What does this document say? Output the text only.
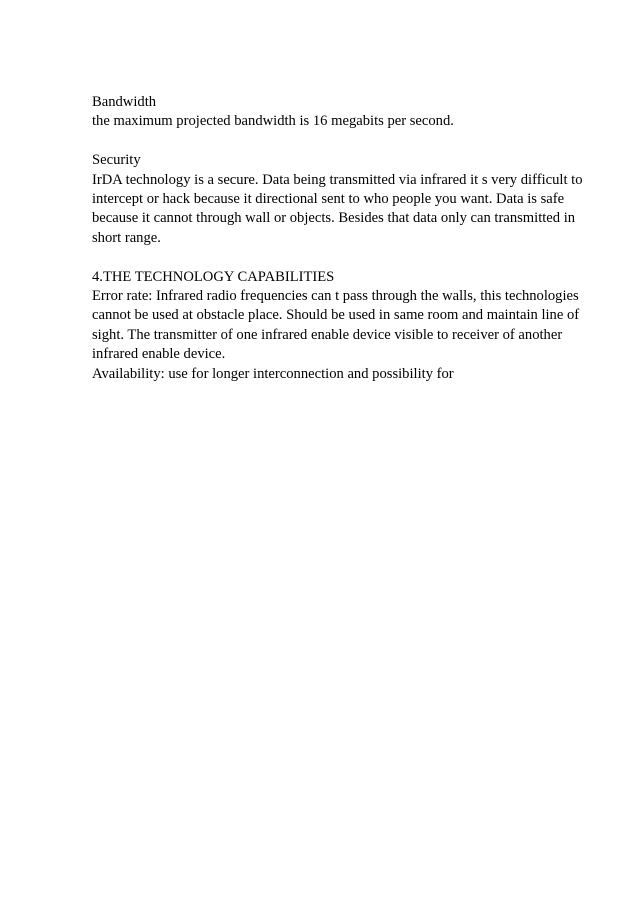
Bandwidth
the maximum projected bandwidth is 16 megabits per second.
Security
IrDA technology is a secure. Data being transmitted via infrared it s very difficult to
intercept or hack because it directional sent to who people you want. Data is safe
because it cannot through wall or objects. Besides that data only can transmitted in
short range.
4.THE TECHNOLOGY CAPABILITIES
Error rate: Infrared radio frequencies can t pass through the walls, this technologies
cannot be used at obstacle place. Should be used in same room and maintain line of
sight. The transmitter of one infrared enable device visible to receiver of another
infrared enable device.
Availability: use for longer interconnection and possibility for
